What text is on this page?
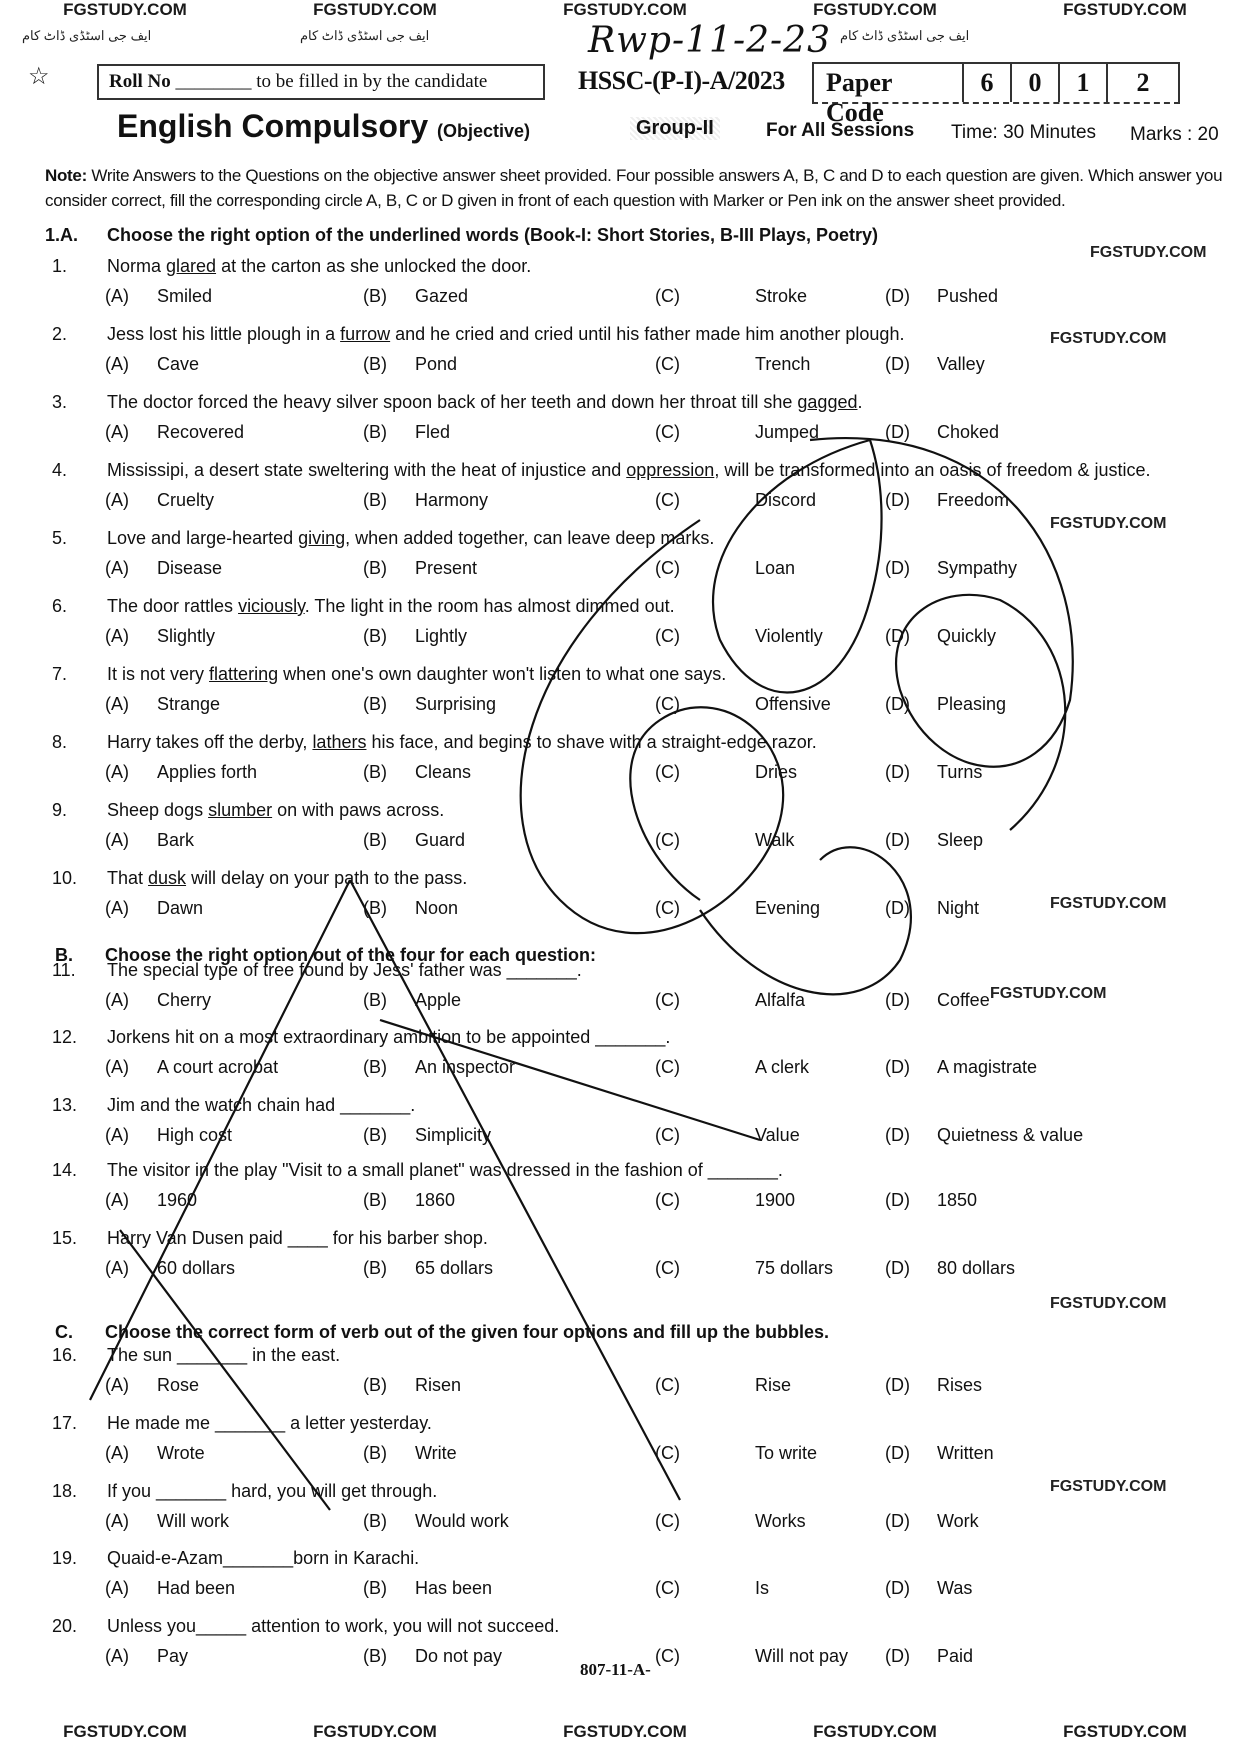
FGSTUDY.COM	FGSTUDY.COM	FGSTUDY.COM	FGSTUDY.COM	FGSTUDY.COM
ایف جی اسٹڈی ڈاٹ کام	ایف جی اسٹڈی ڈاٹ کام	ایف جی اسٹڈی ڈاٹ کام
Rwp-11-2-23
☆	Roll No ________ to be filled in by the candidate	HSSC-(P-I)-A/2023	Paper Code
6	0	1	2
English Compulsory (Objective)	Group-II	For All Sessions Time: 30 Minutes Marks : 20
Note: Write Answers to the Questions on the objective answer sheet provided. Four possible answers A, B, C and D to each question are given. Which answer you consider correct, fill the corresponding circle A, B, C or D given in front of each question with Marker or Pen ink on the answer sheet provided.
1.A. Choose the right option of the underlined words (Book-I: Short Stories, B-III Plays, Poetry)
B. Choose the right option out of the four for each question:
C. Choose the correct form of verb out of the given four options and fill up the bubbles.
1. Norma glared at the carton as she unlocked the door.
(A) Smiled	(B) Gazed	(C)	Stroke	(D) Pushed
2. Jess lost his little plough in a furrow and he cried and cried until his father made him another plough.
(A) Cave	(B) Pond	(C)	Trench	(D) Valley
3. The doctor forced the heavy silver spoon back of her teeth and down her throat till she gagged.
(A) Recovered	(B) Fled	(C)	Jumped	(D) Choked
4. Mississipi, a desert state sweltering with the heat of injustice and oppression, will be transformed into an oasis of freedom & justice.
(A) Cruelty	(B) Harmony	(C)	Discord	(D) Freedom
5. Love and large-hearted giving, when added together, can leave deep marks.
(A) Disease	(B) Present	(C)	Loan	(D) Sympathy
6. The door rattles viciously. The light in the room has almost dimmed out.
(A) Slightly	(B) Lightly	(C)	Violently	(D) Quickly
7. It is not very flattering when one's own daughter won't listen to what one says.
(A) Strange	(B) Surprising	(C)	Offensive	(D) Pleasing
8. Harry takes off the derby, lathers his face, and begins to shave with a straight-edge razor.
(A) Applies forth	(B) Cleans	(C)	Dries	(D) Turns
9. Sheep dogs slumber on with paws across.
(A) Bark	(B) Guard	(C)	Walk	(D) Sleep
10. That dusk will delay on your path to the pass.
(A) Dawn	(B) Noon	(C)	Evening	(D) Night
11. The special type of tree found by Jess' father was _______.
(A) Cherry	(B) Apple	(C)	Alfalfa	(D) Coffee
12. Jorkens hit on a most extraordinary ambition to be appointed _______.
(A) A court acrobat	(B) An inspector	(C)	A clerk	(D) A magistrate
13. Jim and the watch chain had _______.
(A) High cost	(B) Simplicity	(C)	Value	(D) Quietness & value
14. The visitor in the play "Visit to a small planet" was dressed in the fashion of _______.
(A) 1960	(B) 1860	(C)	1900	(D) 1850
15. Harry Van Dusen paid ____ for his barber shop.
(A) 60 dollars	(B) 65 dollars	(C)	75 dollars	(D) 80 dollars
16. The sun _______ in the east.
(A) Rose	(B) Risen	(C)	Rise	(D) Rises
17. He made me _______ a letter yesterday.
(A) Wrote	(B) Write	(C)	To write	(D) Written
18. If you _______ hard, you will get through.
(A) Will work	(B) Would work	(C)	Works	(D) Work
19. Quaid-e-Azam_______born in Karachi.
(A) Had been	(B) Has been	(C)	Is	(D) Was
20. Unless you_____ attention to work, you will not succeed.
(A) Pay	(B) Do not pay	(C)	Will not pay (D) Paid
FGSTUDY.COM
FGSTUDY.COM
FGSTUDY.COM
FGSTUDY.COM
FGSTUDY.COM
FGSTUDY.COM
FGSTUDY.COM
807-11-A-
FGSTUDY.COM	FGSTUDY.COM	FGSTUDY.COM	FGSTUDY.COM	FGSTUDY.COM
